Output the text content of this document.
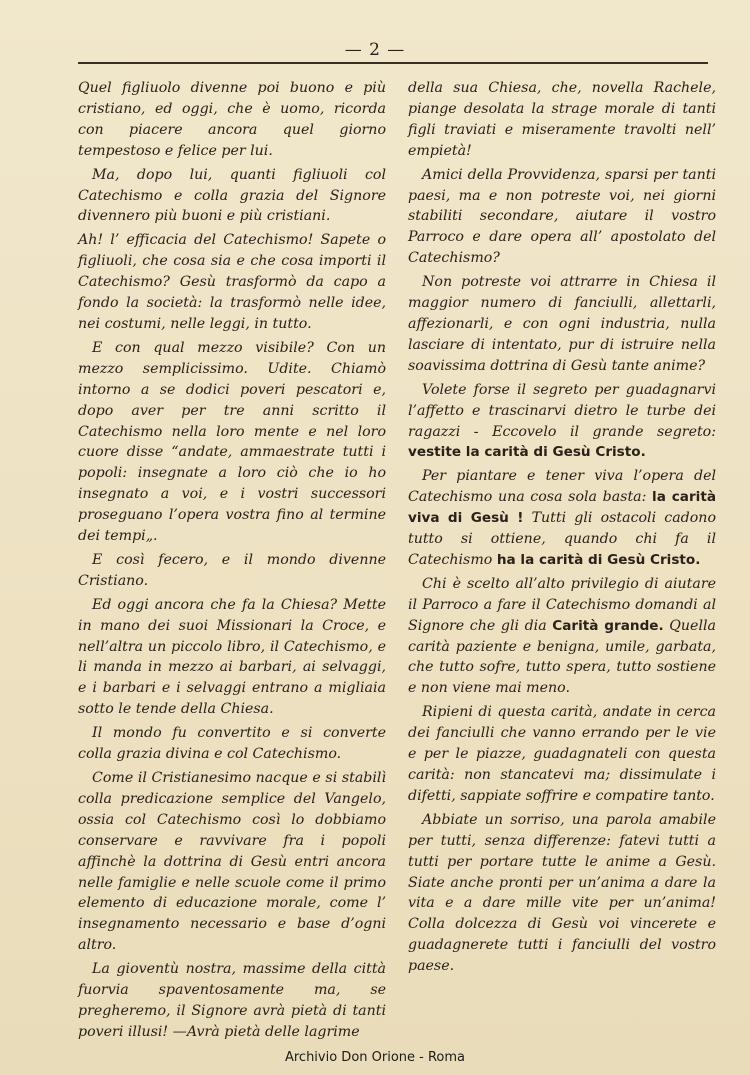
— 2 —

Quel figliuolo divenne poi buono e più cristiano, ed oggi, che è uomo, ricorda con piacere ancora quel giorno tempestoso e felice per lui.

Ma, dopo lui, quanti figliuoli col Catechismo e colla grazia del Signore divennero più buoni e più cristiani.

Ah! l’ efficacia del Catechismo! Sapete o figliuoli, che cosa sia e che cosa importi il Catechismo? Gesù trasformò da capo a fondo la società: la trasformò nelle idee, nei costumi, nelle leggi, in tutto.

E con qual mezzo visibile? Con un mezzo semplicissimo. Udite. Chiamò intorno a se dodici poveri pescatori e, dopo aver per tre anni scritto il Catechismo nella loro mente e nel loro cuore disse “andate, ammaestrate tutti i popoli: insegnate a loro ciò che io ho insegnato a voi, e i vostri successori proseguano l’opera vostra fino al termine dei tempi„.

E così fecero, e il mondo divenne Cristiano.

Ed oggi ancora che fa la Chiesa? Mette in mano dei suoi Missionari la Croce, e nell’altra un piccolo libro, il Catechismo, e li manda in mezzo ai barbari, ai selvaggi, e i barbari e i selvaggi entrano a migliaia sotto le tende della Chiesa.

Il mondo fu convertito e si converte colla grazia divina e col Catechismo.

Come il Cristianesimo nacque e si stabilì colla predicazione semplice del Vangelo, ossia col Catechismo così lo dobbiamo conservare e ravvivare fra i popoli affinchè la dottrina di Gesù entri ancora nelle famiglie e nelle scuole come il primo elemento di educazione morale, come l’ insegnamento necessario e base d’ogni altro.

La gioventù nostra, massime della città fuorvia spaventosamente ma, se pregheremo, il Signore avrà pietà di tanti poveri illusi! —Avrà pietà delle lagrime

della sua Chiesa, che, novella Rachele, piange desolata la strage morale di tanti figli traviati e miseramente travolti nell’ empietà!

Amici della Provvidenza, sparsi per tanti paesi, ma e non potreste voi, nei giorni stabiliti secondare, aiutare il vostro Parroco e dare opera all’ apostolato del Catechismo?

Non potreste voi attrarre in Chiesa il maggior numero di fanciulli, allettarli, affezionarli, e con ogni industria, nulla lasciare di intentato, pur di istruire nella soavissima dottrina di Gesù tante anime?

Volete forse il segreto per guadagnarvi l’affetto e trascinarvi dietro le turbe dei ragazzi - Eccovelo il grande segreto: vestite la carità di Gesù Cristo.

Per piantare e tener viva l’opera del Catechismo una cosa sola basta: la carità viva di Gesù ! Tutti gli ostacoli cadono tutto si ottiene, quando chi fa il Catechismo ha la carità di Gesù Cristo.

Chi è scelto all’alto privilegio di aiutare il Parroco a fare il Catechismo domandi al Signore che gli dia Carità grande. Quella carità paziente e benigna, umile, garbata, che tutto sofre, tutto spera, tutto sostiene e non viene mai meno.

Ripieni di questa carità, andate in cerca dei fanciulli che vanno errando per le vie e per le piazze, guadagnateli con questa carità: non stancatevi ma; dissimulate i difetti, sappiate soffrire e compatire tanto.

Abbiate un sorriso, una parola amabile per tutti, senza differenze: fatevi tutti a tutti per portare tutte le anime a Gesù. Siate anche pronti per un’anima a dare la vita e a dare mille vite per un’anima! Colla dolcezza di Gesù voi vincerete e guadagnerete tutti i fanciulli del vostro paese.

Archivio Don Orione - Roma
